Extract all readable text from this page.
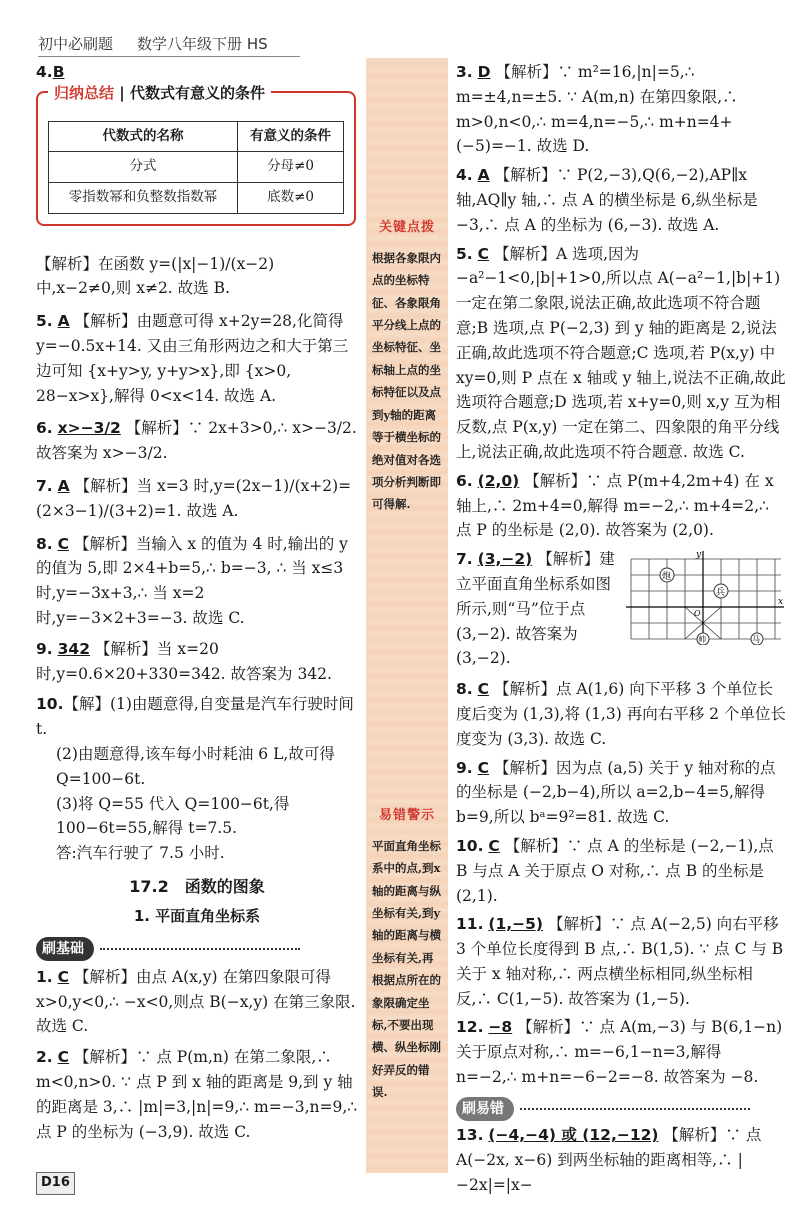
初中必刷题 数学八年级下册 HS

4.B

归纳总结 | 代数式有意义的条件
代数式的名称	有意义的条件
分式	分母≠0
零指数幂和负整数指数幂	底数≠0

【解析】在函数 y=(|x|−1)/(x−2) 中,x−2≠0,则 x≠2. 故选 B.

5. A 【解析】由题意可得 x+2y=28,化简得 y=−0.5x+14. 又由三角形两边之和大于第三边可知 {x+y>y, y+y>x},即 {x>0, 28−x>x},解得 0<x<14. 故选 A.

6. x>−3/2 【解析】∵ 2x+3>0,∴ x>−3/2. 故答案为 x>−3/2.

7. A 【解析】当 x=3 时,y=(2x−1)/(x+2)=(2×3−1)/(3+2)=1. 故选 A.

8. C 【解析】当输入 x 的值为 4 时,输出的 y 的值为 5,即 2×4+b=5,∴ b=−3, ∴ 当 x≤3 时,y=−3x+3,∴ 当 x=2 时,y=−3×2+3=−3. 故选 C.

9. 342 【解析】当 x=20 时,y=0.6×20+330=342. 故答案为 342.

10.【解】(1)由题意得,自变量是汽车行驶时间 t.

(2)由题意得,该车每小时耗油 6 L,故可得 Q=100−6t.

(3)将 Q=55 代入 Q=100−6t,得 100−6t=55,解得 t=7.5.

答:汽车行驶了 7.5 小时.

17.2　函数的图象

1. 平面直角坐标系

刷基础

1. C 【解析】由点 A(x,y) 在第四象限可得 x>0,y<0,∴ −x<0,则点 B(−x,y) 在第三象限. 故选 C.

2. C 【解析】∵ 点 P(m,n) 在第二象限,∴ m<0,n>0. ∵ 点 P 到 x 轴的距离是 9,到 y 轴的距离是 3,∴ |m|=3,|n|=9,∴ m=−3,n=9,∴ 点 P 的坐标为 (−3,9). 故选 C.

关键点拨
根据各象限内点的坐标特征、各象限角平分线上点的坐标特征、坐标轴上点的坐标特征以及点到y轴的距离等于横坐标的绝对值对各选项分析判断即可得解.
易错警示
平面直角坐标系中的点,到x轴的距离与纵坐标有关,到y轴的距离与横坐标有关,再根据点所在的象限确定坐标,不要出现横、纵坐标刚好弄反的错误.

3. D 【解析】∵ m²=16,|n|=5,∴ m=±4,n=±5. ∵ A(m,n) 在第四象限,∴ m>0,n<0,∴ m=4,n=−5,∴ m+n=4+(−5)=−1. 故选 D.

4. A 【解析】∵ P(2,−3),Q(6,−2),AP∥x 轴,AQ∥y 轴,∴ 点 A 的横坐标是 6,纵坐标是 −3,∴ 点 A 的坐标为 (6,−3). 故选 A.

5. C 【解析】A 选项,因为 −a²−1<0,|b|+1>0,所以点 A(−a²−1,|b|+1) 一定在第二象限,说法正确,故此选项不符合题意;B 选项,点 P(−2,3) 到 y 轴的距离是 2,说法正确,故此选项不符合题意;C 选项,若 P(x,y) 中 xy=0,则 P 点在 x 轴或 y 轴上,说法不正确,故此选项符合题意;D 选项,若 x+y=0,则 x,y 互为相反数,点 P(x,y) 一定在第二、四象限的角平分线上,说法正确,故此选项不符合题意. 故选 C.

6. (2,0) 【解析】∵ 点 P(m+4,2m+4) 在 x 轴上,∴ 2m+4=0,解得 m=−2,∴ m+4=2,∴ 点 P 的坐标是 (2,0). 故答案为 (2,0).

y
x
O
炮
兵
帅	马

7. (3,−2) 【解析】建立平面直角坐标系如图所示,则“马”位于点 (3,−2). 故答案为 (3,−2).

8. C 【解析】点 A(1,6) 向下平移 3 个单位长度后变为 (1,3),将 (1,3) 再向右平移 2 个单位长度变为 (3,3). 故选 C.

9. C 【解析】因为点 (a,5) 关于 y 轴对称的点的坐标是 (−2,b−4),所以 a=2,b−4=5,解得 b=9,所以 bᵃ=9²=81. 故选 C.

10. C 【解析】∵ 点 A 的坐标是 (−2,−1),点 B 与点 A 关于原点 O 对称,∴ 点 B 的坐标是 (2,1).

11. (1,−5) 【解析】∵ 点 A(−2,5) 向右平移 3 个单位长度得到 B 点,∴ B(1,5). ∵ 点 C 与 B 关于 x 轴对称,∴ 两点横坐标相同,纵坐标相反,∴ C(1,−5). 故答案为 (1,−5).

12. −8 【解析】∵ 点 A(m,−3) 与 B(6,1−n) 关于原点对称,∴ m=−6,1−n=3,解得 n=−2,∴ m+n=−6−2=−8. 故答案为 −8.

刷易错

13. (−4,−4) 或 (12,−12) 【解析】∵ 点 A(−2x, x−6) 到两坐标轴的距离相等,∴ |−2x|=|x−

D16
